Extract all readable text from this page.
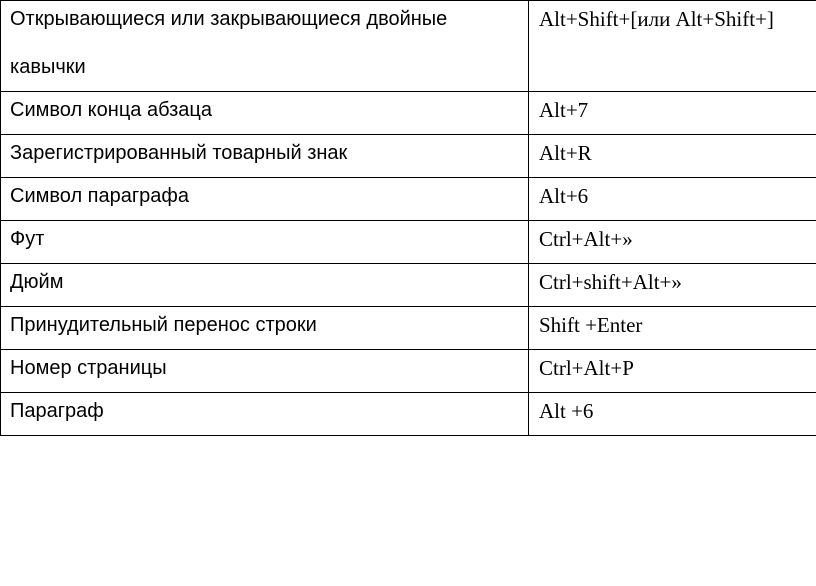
Открывающиеся или закрывающиеся двойные кавычки	Alt+Shift+[или Alt+Shift+]

Символ конца абзаца	Alt+7

Зарегистрированный товарный знак	Alt+R

Символ параграфа	Alt+6

Фут	Ctrl+Alt+»

Дюйм	Ctrl+shift+Alt+»

Принудительный перенос строки	Shift +Enter

Номер страницы	Ctrl+Alt+P

Параграф	Alt +6
